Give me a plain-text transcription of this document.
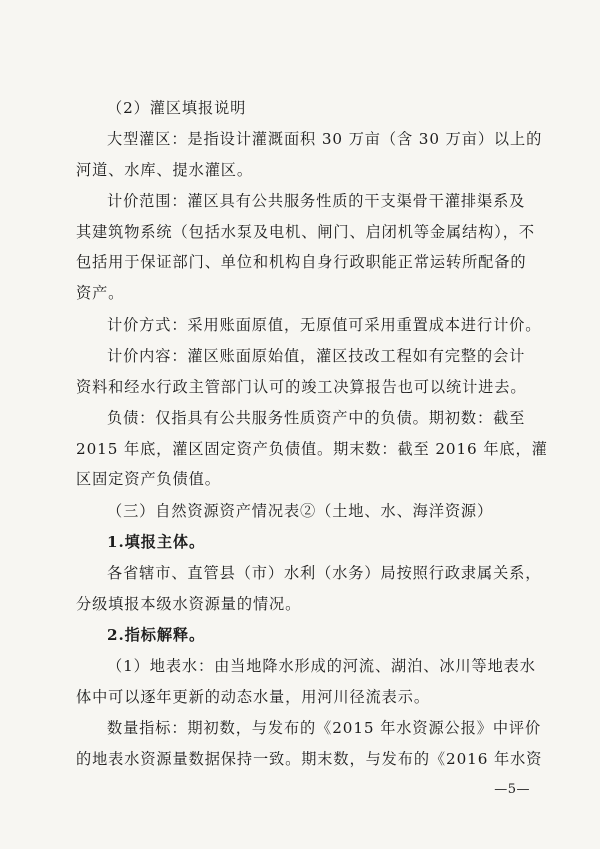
（2）灌区填报说明
大型灌区：是指设计灌溉面积 30 万亩（含 30 万亩）以上的
河道、水库、提水灌区。
计价范围：灌区具有公共服务性质的干支渠骨干灌排渠系及
其建筑物系统（包括水泵及电机、闸门、启闭机等金属结构），不
包括用于保证部门、单位和机构自身行政职能正常运转所配备的
资产。
计价方式：采用账面原值，无原值可采用重置成本进行计价。
计价内容：灌区账面原始值，灌区技改工程如有完整的会计
资料和经水行政主管部门认可的竣工决算报告也可以统计进去。
负债：仅指具有公共服务性质资产中的负债。期初数：截至
2015 年底，灌区固定资产负债值。期末数：截至 2016 年底，灌
区固定资产负债值。
（三）自然资源资产情况表②（土地、水、海洋资源）
1.填报主体。
各省辖市、直管县（市）水利（水务）局按照行政隶属关系，
分级填报本级水资源量的情况。
2.指标解释。
（1）地表水：由当地降水形成的河流、湖泊、冰川等地表水
体中可以逐年更新的动态水量，用河川径流表示。
数量指标：期初数，与发布的《2015 年水资源公报》中评价
的地表水资源量数据保持一致。期末数，与发布的《2016 年水资
—5—
